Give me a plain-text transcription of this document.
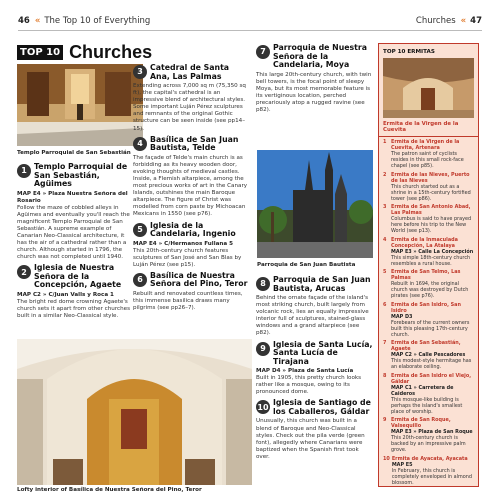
46 « The Top 10 of Everything	Churches « 47
TOP 10 Churches
Templo Parroquial de San Sebastián
1 Templo Parroquial de San Sebastián, Agüimes
MAP E4 » Plaza Nuestra Señora del Rosario
Follow the maze of cobbled alleys in Agüimes and eventually you'll reach the magnificent Templo Parroquial de San Sebastián. A supreme example of Canarian Neo-Classical architecture, it has the air of a cathedral rather than a church. Although started in 1796, the church was not completed until 1940.
2 Iglesia de Nuestra Señora de la Concepción, Agaete
MAP C2 » C/Juan Valls y Roca 1
The bright red dome crowning Agaete's church sets it apart from other churches built in a similar Neo-Classical style.
3 Catedral de Santa Ana, Las Palmas
Extending across 7,000 sq m (75,350 sq ft), the capital's cathedral is an impressive blend of architectural styles. Some important Luján Pérez sculptures and remnants of the original Gothic structure can be seen inside (see pp14–15).
4 Basílica de San Juan Bautista, Telde
The façade of Telde's main church is as forbidding as its heavy wooden door, evoking thoughts of medieval castles. Inside, a Flemish altarpiece, among the most precious works of art in the Canary Islands, outshines the main Baroque altarpiece. The figure of Christ was modelled from corn paste by Michoacan Mexicans in 1550 (see p76).
5 Iglesia de la Candelaria, Ingenio
MAP E4 » C/Hermanos Fullana 5
This 20th-century church features sculptures of San José and San Blas by Luján Pérez (see p15).
6 Basílica de Nuestra Señora del Pino, Teror
Rebuilt and renovated countless times, this immense basilica draws many pilgrims (see pp26–7).
Lofty interior of Basílica de Nuestra Señora del Pino, Teror
7 Parroquia de Nuestra Señora de la Candelaria, Moya
This large 20th-century church, with twin bell towers, is the focal point of sleepy Moya, but its most memorable feature is its vertiginous location, perched precariously atop a rugged ravine (see p82).
Parroquia de San Juan Bautista
8 Parroquia de San Juan Bautista, Arucas
Behind the ornate façade of the island's most striking church, built largely from volcanic rock, lies an equally impressive interior full of sculptures, stained-glass windows and a grand altarpiece (see p82).
9 Iglesia de Santa Lucía, Santa Lucía de Tirajana
MAP D4 » Plaza de Santa Lucía
Built in 1905, this pretty church looks rather like a mosque, owing to its pronounced dome.
10 Iglesia de Santiago de los Caballeros, Gáldar
Unusually, this church was built in a blend of Baroque and Neo-Classical styles. Check out the pila verde (green font), allegedly where Canarians were baptized when the Spanish first took over.
TOP 10 ERMITAS
Ermita de la Virgen de la Cuevita
1 Ermita de la Virgen de la Cuevita, Artenara
The patron saint of cyclists resides in this small rock-face chapel (see p85).
2 Ermita de las Nieves, Puerto de las Nieves
This church started out as a shrine in a 15th-century fortified tower (see p86).
3 Ermita de San Antonio Abad, Las Palmas
Columbus is said to have prayed here before his trip to the New World (see p13).
4 Ermita de la Inmaculada Concepción, La Atalaya
MAP E3 » Calle La Concepción
This simple 18th-century church resembles a rural house.
5 Ermita de San Telmo, Las Palmas
Rebuilt in 1694, the original church was destroyed by Dutch pirates (see p76).
6 Ermita de San Isidro, San Isidro
MAP D3
Forebears of the current owners built this pleasing 17th-century church.
7 Ermita de San Sebastián, Agaete
MAP C2 » Calle Pescadores
This modest-style hermitage has an elaborate ceiling.
8 Ermita de San Isidro el Viejo, Gáldar
MAP C1 » Carretera de Caideros
This mosque-like building is perhaps the island's smallest place of worship.
9 Ermita de San Roque, Valsequillo
MAP E3 » Plaza de San Roque
This 20th-century church is backed by an impressive palm grove.
10 Ermita de Ayacata, Ayacata
MAP E5
In February, this church is completely enveloped in almond blossom.
